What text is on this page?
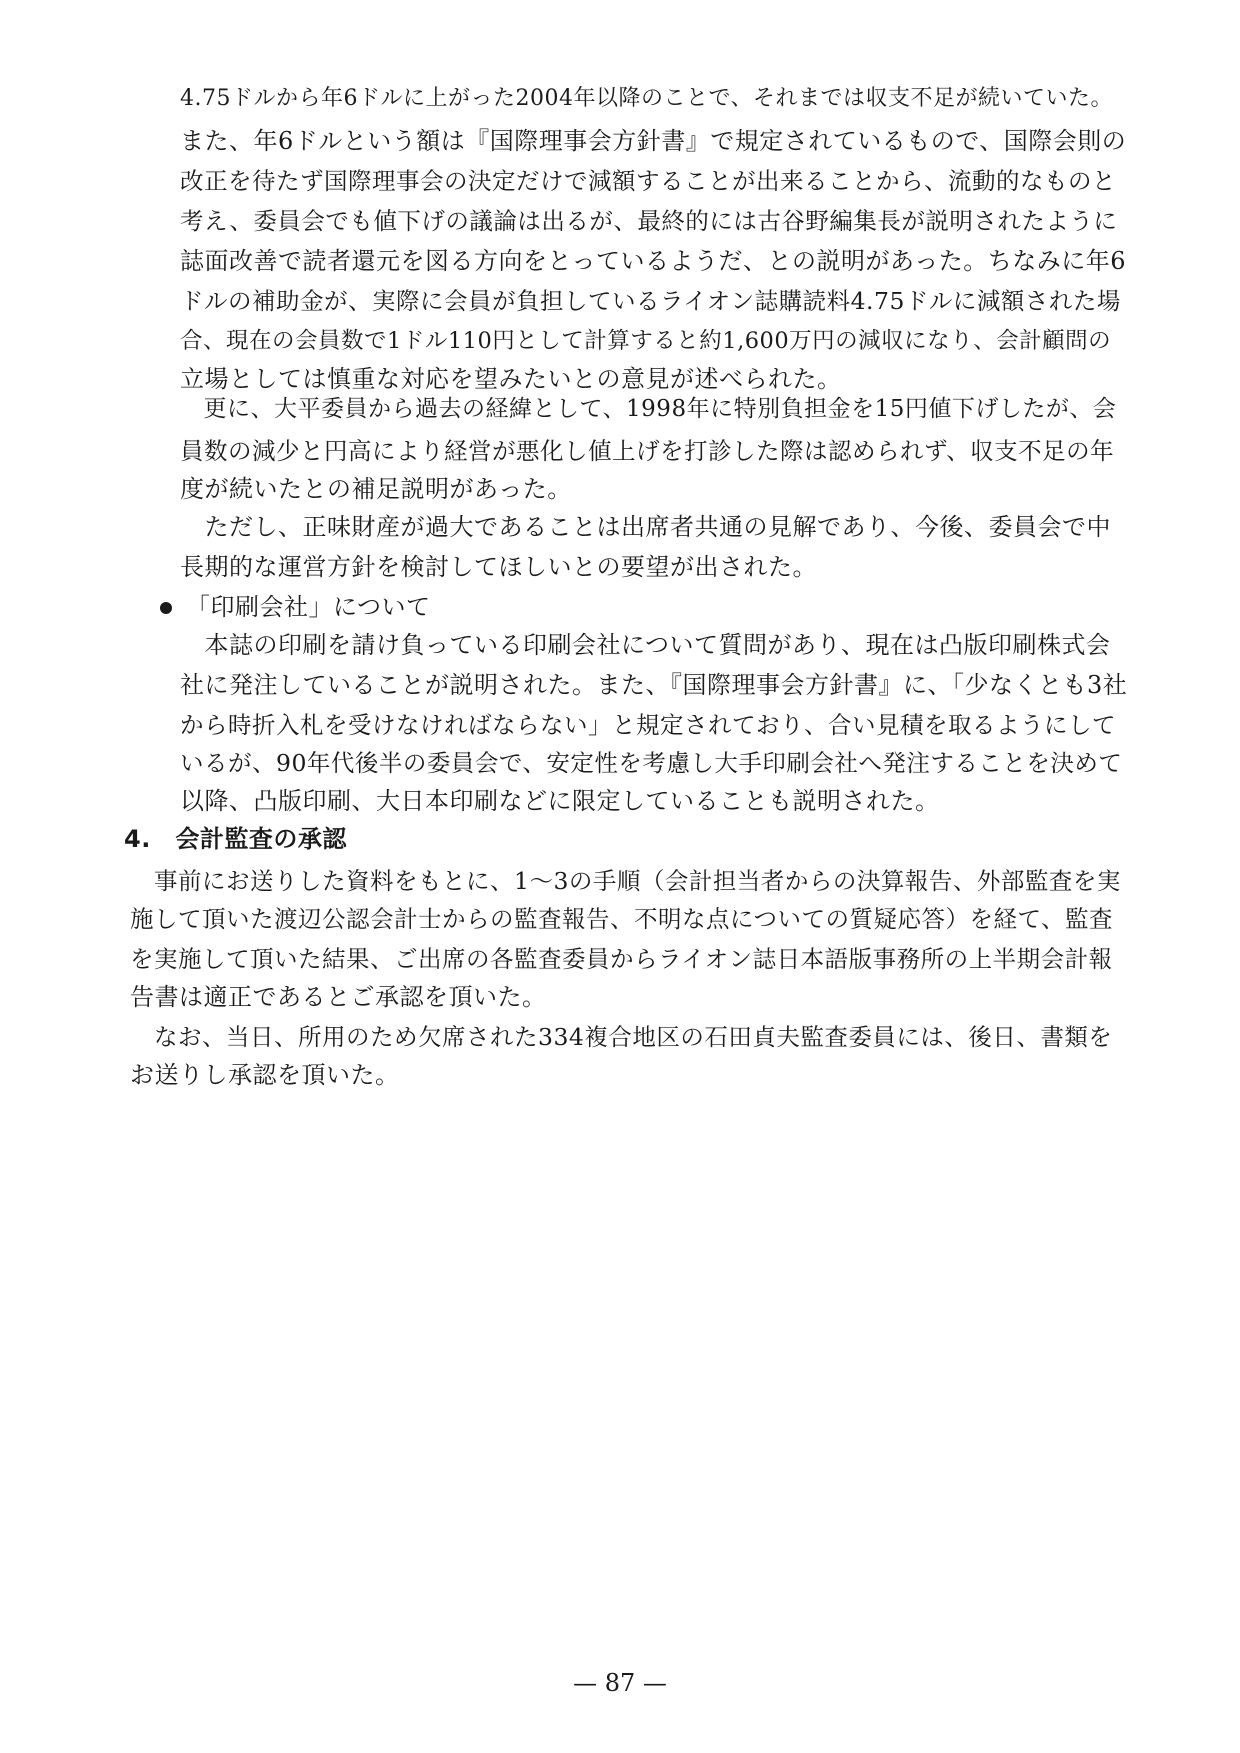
4.75ドルから年6ドルに上がった2004年以降のことで、それまでは収支不足が続いていた。
また、年6ドルという額は『国際理事会方針書』で規定されているもので、国際会則の
改正を待たず国際理事会の決定だけで減額することが出来ることから、流動的なものと
考え、委員会でも値下げの議論は出るが、最終的には古谷野編集長が説明されたように
誌面改善で読者還元を図る方向をとっているようだ、との説明があった。ちなみに年6
ドルの補助金が、実際に会員が負担しているライオン誌購読料4.75ドルに減額された場
合、現在の会員数で1ドル110円として計算すると約1,600万円の減収になり、会計顧問の
立場としては慎重な対応を望みたいとの意見が述べられた。
　更に、大平委員から過去の経緯として、1998年に特別負担金を15円値下げしたが、会
員数の減少と円高により経営が悪化し値上げを打診した際は認められず、収支不足の年
度が続いたとの補足説明があった。
　ただし、正味財産が過大であることは出席者共通の見解であり、今後、委員会で中
長期的な運営方針を検討してほしいとの要望が出された。
「印刷会社」について
　本誌の印刷を請け負っている印刷会社について質問があり、現在は凸版印刷株式会
社に発注していることが説明された。また、『国際理事会方針書』に、「少なくとも3社
から時折入札を受けなければならない」と規定されており、合い見積を取るようにして
いるが、90年代後半の委員会で、安定性を考慮し大手印刷会社へ発注することを決めて
以降、凸版印刷、大日本印刷などに限定していることも説明された。
4.　会計監査の承認
　事前にお送りした資料をもとに、1〜3の手順（会計担当者からの決算報告、外部監査を実
施して頂いた渡辺公認会計士からの監査報告、不明な点についての質疑応答）を経て、監査
を実施して頂いた結果、ご出席の各監査委員からライオン誌日本語版事務所の上半期会計報
告書は適正であるとご承認を頂いた。
　なお、当日、所用のため欠席された334複合地区の石田貞夫監査委員には、後日、書類を
お送りし承認を頂いた。
— 87 —
